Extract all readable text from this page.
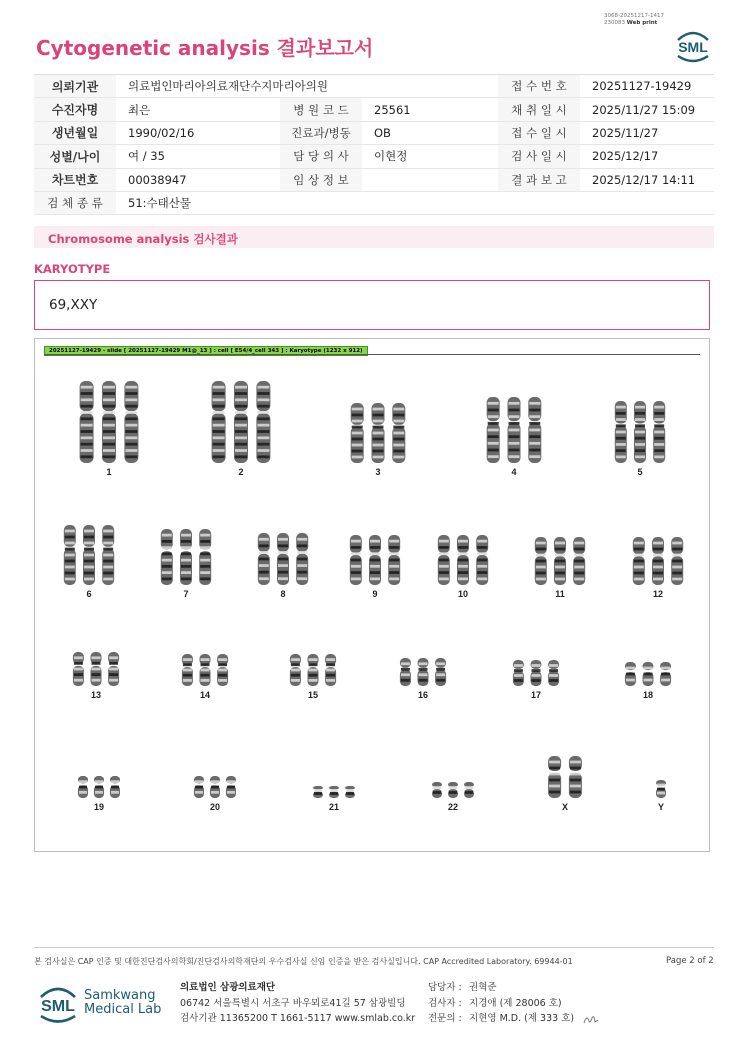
3068-20251217-1417
230083 Web print
Cytogenetic analysis 결과보고서	SML
의뢰기관	의료법인마리아의료재단수지마리아의원			접 수 번 호	20251127-19429
수진자명	최은	병 원 코 드	25561	채 취 일 시	2025/11/27 15:09
생년월일	1990/02/16	진료과/병동	OB	접 수 일 시	2025/11/27
성별/나이	여 / 35	담 당 의 사	이현정	검 사 일 시	2025/12/17
차트번호	00038947	임 상 정 보		결 과 보 고	2025/12/17 14:11
검 체 종 류	51:수태산물				
Chromosome analysis 검사결과
KARYOTYPE
69,XXY
20251127-19429 - slide [ 20251127-19429 M1@_13 ] : cell [ E54/4_cell 343 ] : Karyotype (1232 x 912)
1	2	3	4	5
6	7	8	9	10	11	12
13	14	15	16	17	18
19	20	21	22	X	Y
본 검사실은 CAP 인증 및 대한진단검사의학회/진단검사의학재단의 우수검사실 신임 인증을 받은 검사실입니다. CAP Accredited Laboratory. 69944-01	Page 2 of 2
SML
Samkwang
Medical Lab
의료법인 삼광의료재단
06742 서울특별시 서초구 바우뫼로41길 57 삼광빌딩
검사기관 11365200 T 1661-5117 www.smlab.co.kr
담당자 : 권혁준
검사자 : 지경애 (제 28006 호)
전문의 : 지현영 M.D. (제 333 호)
